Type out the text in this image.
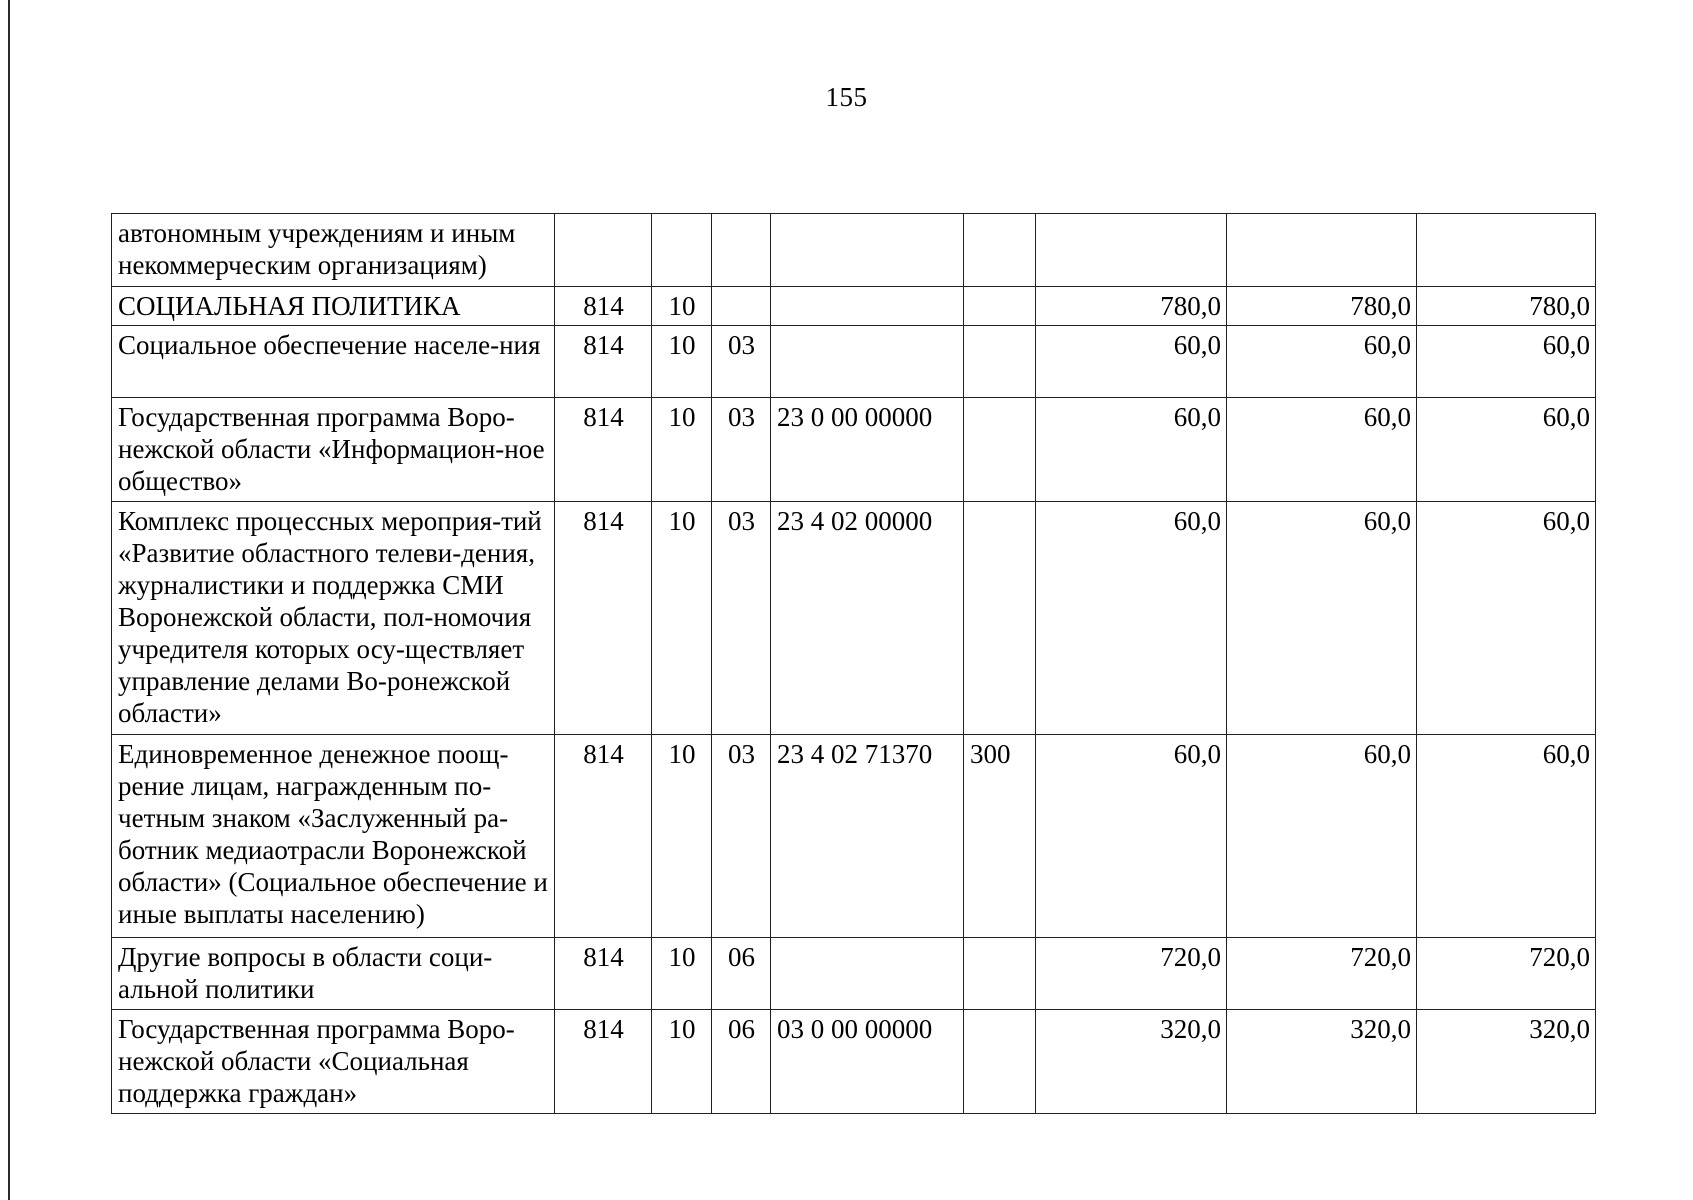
155
автономным учреждениям и иным некоммерческим организациям)								
СОЦИАЛЬНАЯ ПОЛИТИКА	814	10				780,0	780,0	780,0
Социальное обеспечение населе-ния	814	10	03			60,0	60,0	60,0
Государственная программа Воро-нежской области «Информацион-ное общество»	814	10	03	23 0 00 00000		60,0	60,0	60,0
Комплекс процессных мероприя-тий «Развитие областного телеви-дения, журналистики и поддержка СМИ Воронежской области, пол-номочия учредителя которых осу-ществляет управление делами Во-ронежской области»	814	10	03	23 4 02 00000		60,0	60,0	60,0
Единовременное денежное поощ-рение лицам, награжденным по-четным знаком «Заслуженный ра-ботник медиаотрасли Воронежской области» (Социальное обеспечение и иные выплаты населению)	814	10	03	23 4 02 71370	300	60,0	60,0	60,0
Другие вопросы в области соци-альной политики	814	10	06			720,0	720,0	720,0
Государственная программа Воро-нежской области «Социальная поддержка граждан»	814	10	06	03 0 00 00000		320,0	320,0	320,0
